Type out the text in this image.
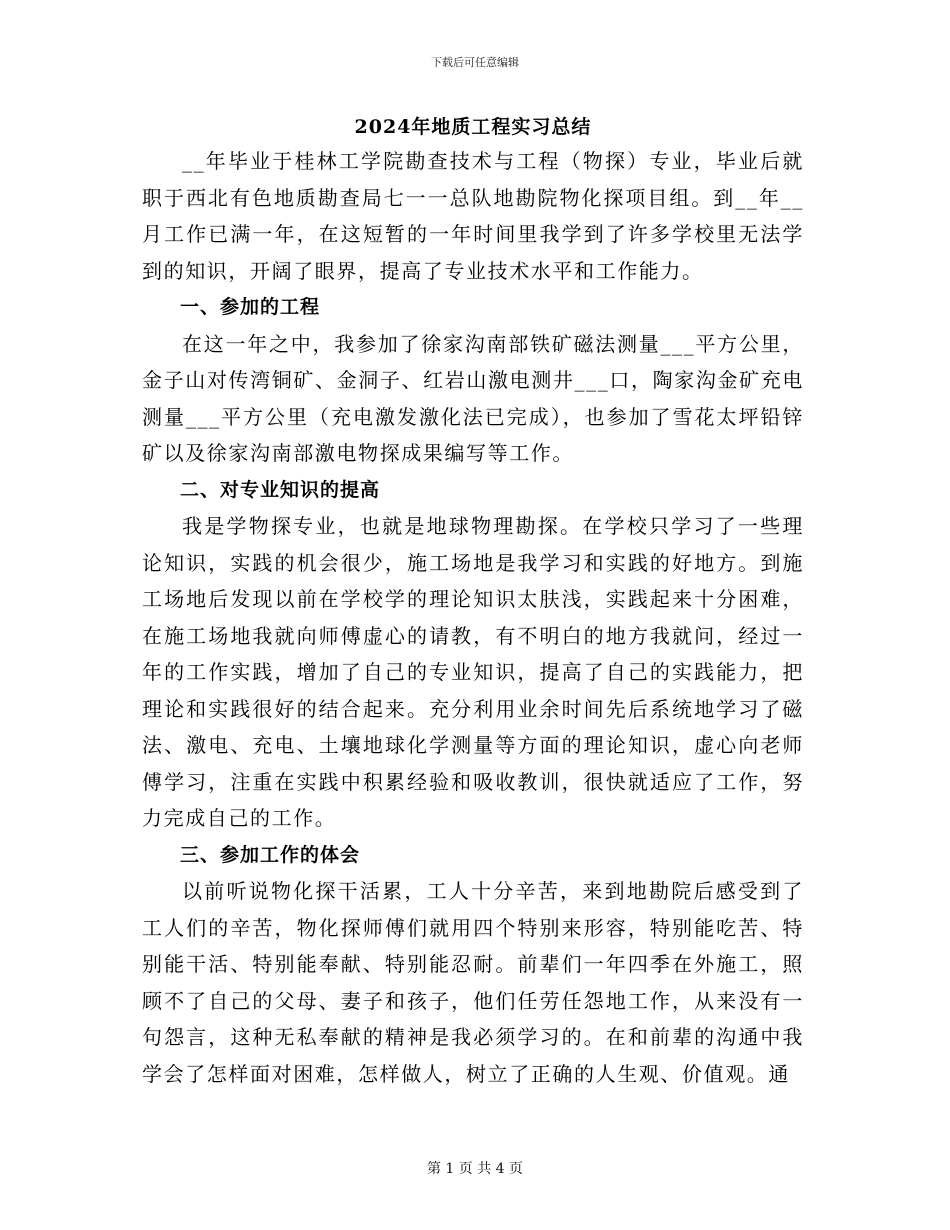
下载后可任意编辑
2024年地质工程实习总结

__年毕业于桂林工学院勘查技术与工程（物探）专业，毕业后就职于西北有色地质勘查局七一一总队地勘院物化探项目组。到__年__月工作已满一年，在这短暂的一年时间里我学到了许多学校里无法学到的知识，开阔了眼界，提高了专业技术水平和工作能力。

一、参加的工程

在这一年之中，我参加了徐家沟南部铁矿磁法测量___平方公里，金子山对传湾铜矿、金洞子、红岩山激电测井___口，陶家沟金矿充电测量___平方公里（充电激发激化法已完成），也参加了雪花太坪铅锌矿以及徐家沟南部激电物探成果编写等工作。

二、对专业知识的提高

我是学物探专业，也就是地球物理勘探。在学校只学习了一些理论知识，实践的机会很少，施工场地是我学习和实践的好地方。到施工场地后发现以前在学校学的理论知识太肤浅，实践起来十分困难，在施工场地我就向师傅虚心的请教，有不明白的地方我就问，经过一年的工作实践，增加了自己的专业知识，提高了自己的实践能力，把理论和实践很好的结合起来。充分利用业余时间先后系统地学习了磁法、激电、充电、土壤地球化学测量等方面的理论知识，虚心向老师傅学习，注重在实践中积累经验和吸收教训，很快就适应了工作，努力完成自己的工作。

三、参加工作的体会

以前听说物化探干活累，工人十分辛苦，来到地勘院后感受到了工人们的辛苦，物化探师傅们就用四个特别来形容，特别能吃苦、特别能干活、特别能奉献、特别能忍耐。前辈们一年四季在外施工，照顾不了自己的父母、妻子和孩子，他们任劳任怨地工作，从来没有一句怨言，这种无私奉献的精神是我必须学习的。在和前辈的沟通中我学会了怎样面对困难，怎样做人，树立了正确的人生观、价值观。通

第 1 页 共 4 页
